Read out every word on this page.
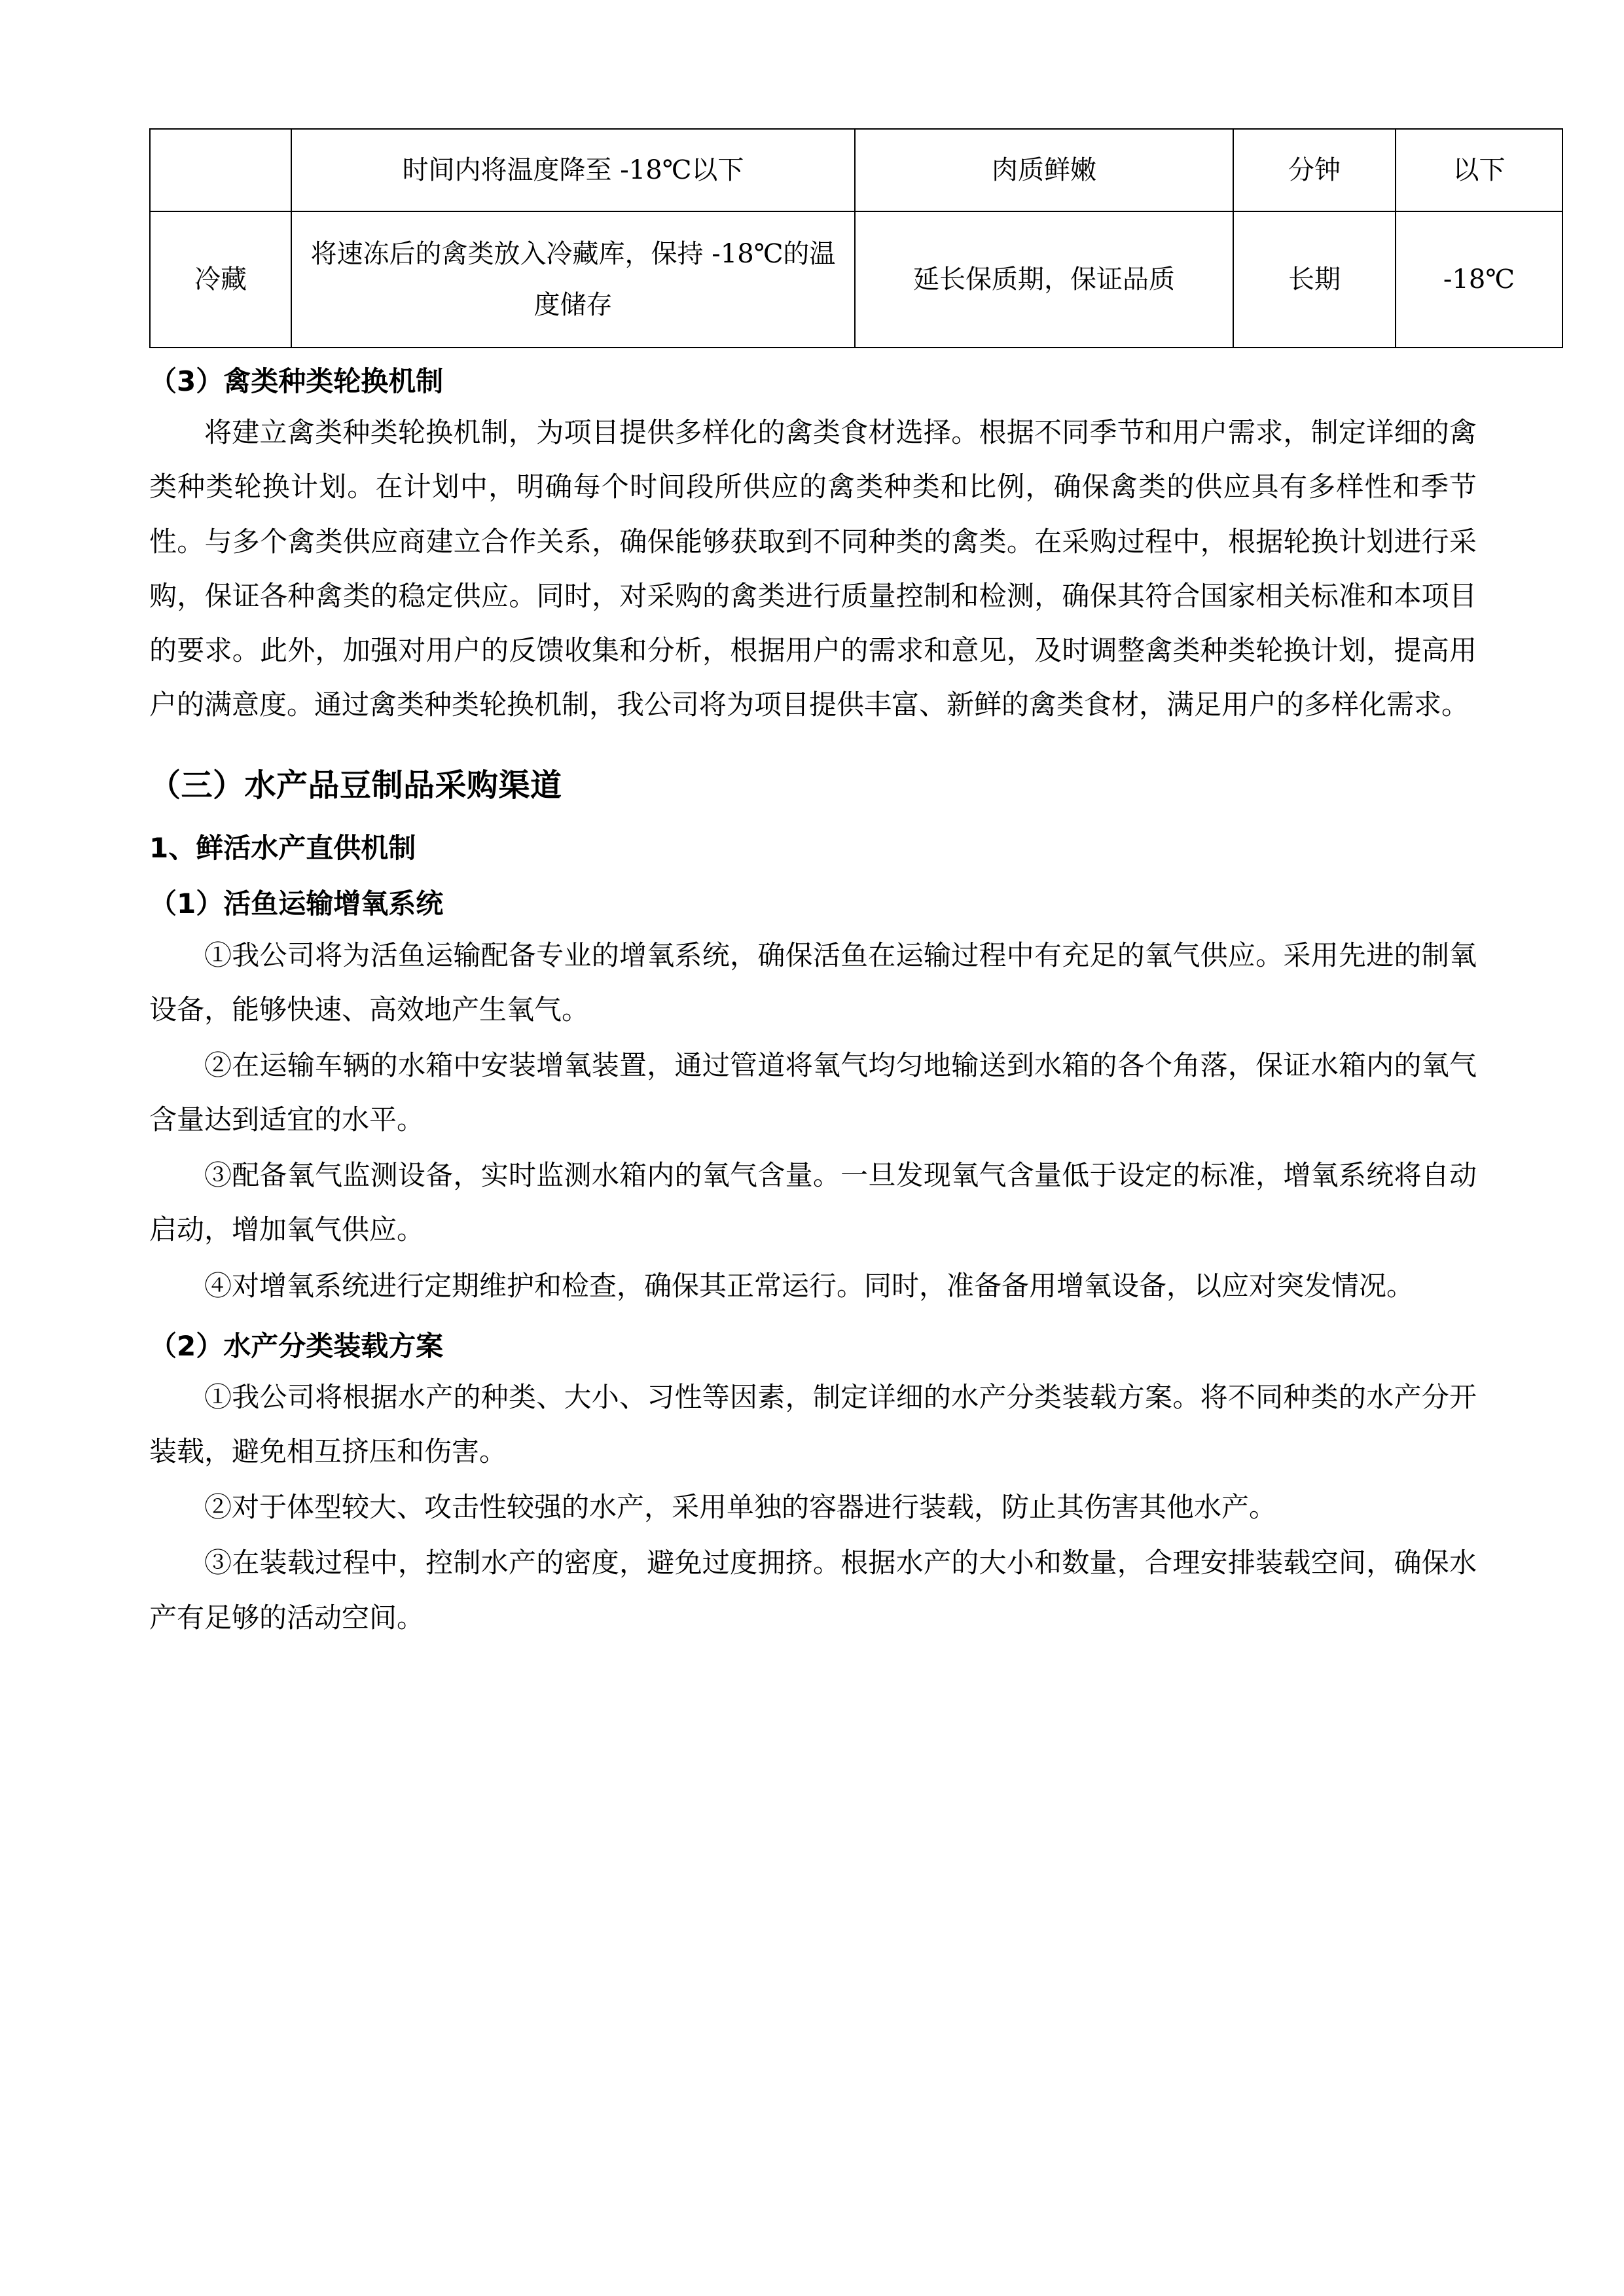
	时间内将温度降至 -18℃以下	肉质鲜嫩	分钟	以下
冷藏	将速冻后的禽类放入冷藏库，保持 -18℃的温度储存	延长保质期，保证品质	长期	-18℃
（3）禽类种类轮换机制

将建立禽类种类轮换机制，为项目提供多样化的禽类食材选择。根据不同季节和用户需求，制定详细的禽类种类轮换计划。在计划中，明确每个时间段所供应的禽类种类和比例，确保禽类的供应具有多样性和季节性。与多个禽类供应商建立合作关系，确保能够获取到不同种类的禽类。在采购过程中，根据轮换计划进行采购，保证各种禽类的稳定供应。同时，对采购的禽类进行质量控制和检测，确保其符合国家相关标准和本项目的要求。此外，加强对用户的反馈收集和分析，根据用户的需求和意见，及时调整禽类种类轮换计划，提高用户的满意度。通过禽类种类轮换机制，我公司将为项目提供丰富、新鲜的禽类食材，满足用户的多样化需求。

（三）水产品豆制品采购渠道
1、鲜活水产直供机制
（1）活鱼运输增氧系统

①我公司将为活鱼运输配备专业的增氧系统，确保活鱼在运输过程中有充足的氧气供应。采用先进的制氧设备，能够快速、高效地产生氧气。

②在运输车辆的水箱中安装增氧装置，通过管道将氧气均匀地输送到水箱的各个角落，保证水箱内的氧气含量达到适宜的水平。

③配备氧气监测设备，实时监测水箱内的氧气含量。一旦发现氧气含量低于设定的标准，增氧系统将自动启动，增加氧气供应。

④对增氧系统进行定期维护和检查，确保其正常运行。同时，准备备用增氧设备，以应对突发情况。

（2）水产分类装载方案

①我公司将根据水产的种类、大小、习性等因素，制定详细的水产分类装载方案。将不同种类的水产分开装载，避免相互挤压和伤害。

②对于体型较大、攻击性较强的水产，采用单独的容器进行装载，防止其伤害其他水产。

③在装载过程中，控制水产的密度，避免过度拥挤。根据水产的大小和数量，合理安排装载空间，确保水产有足够的活动空间。
